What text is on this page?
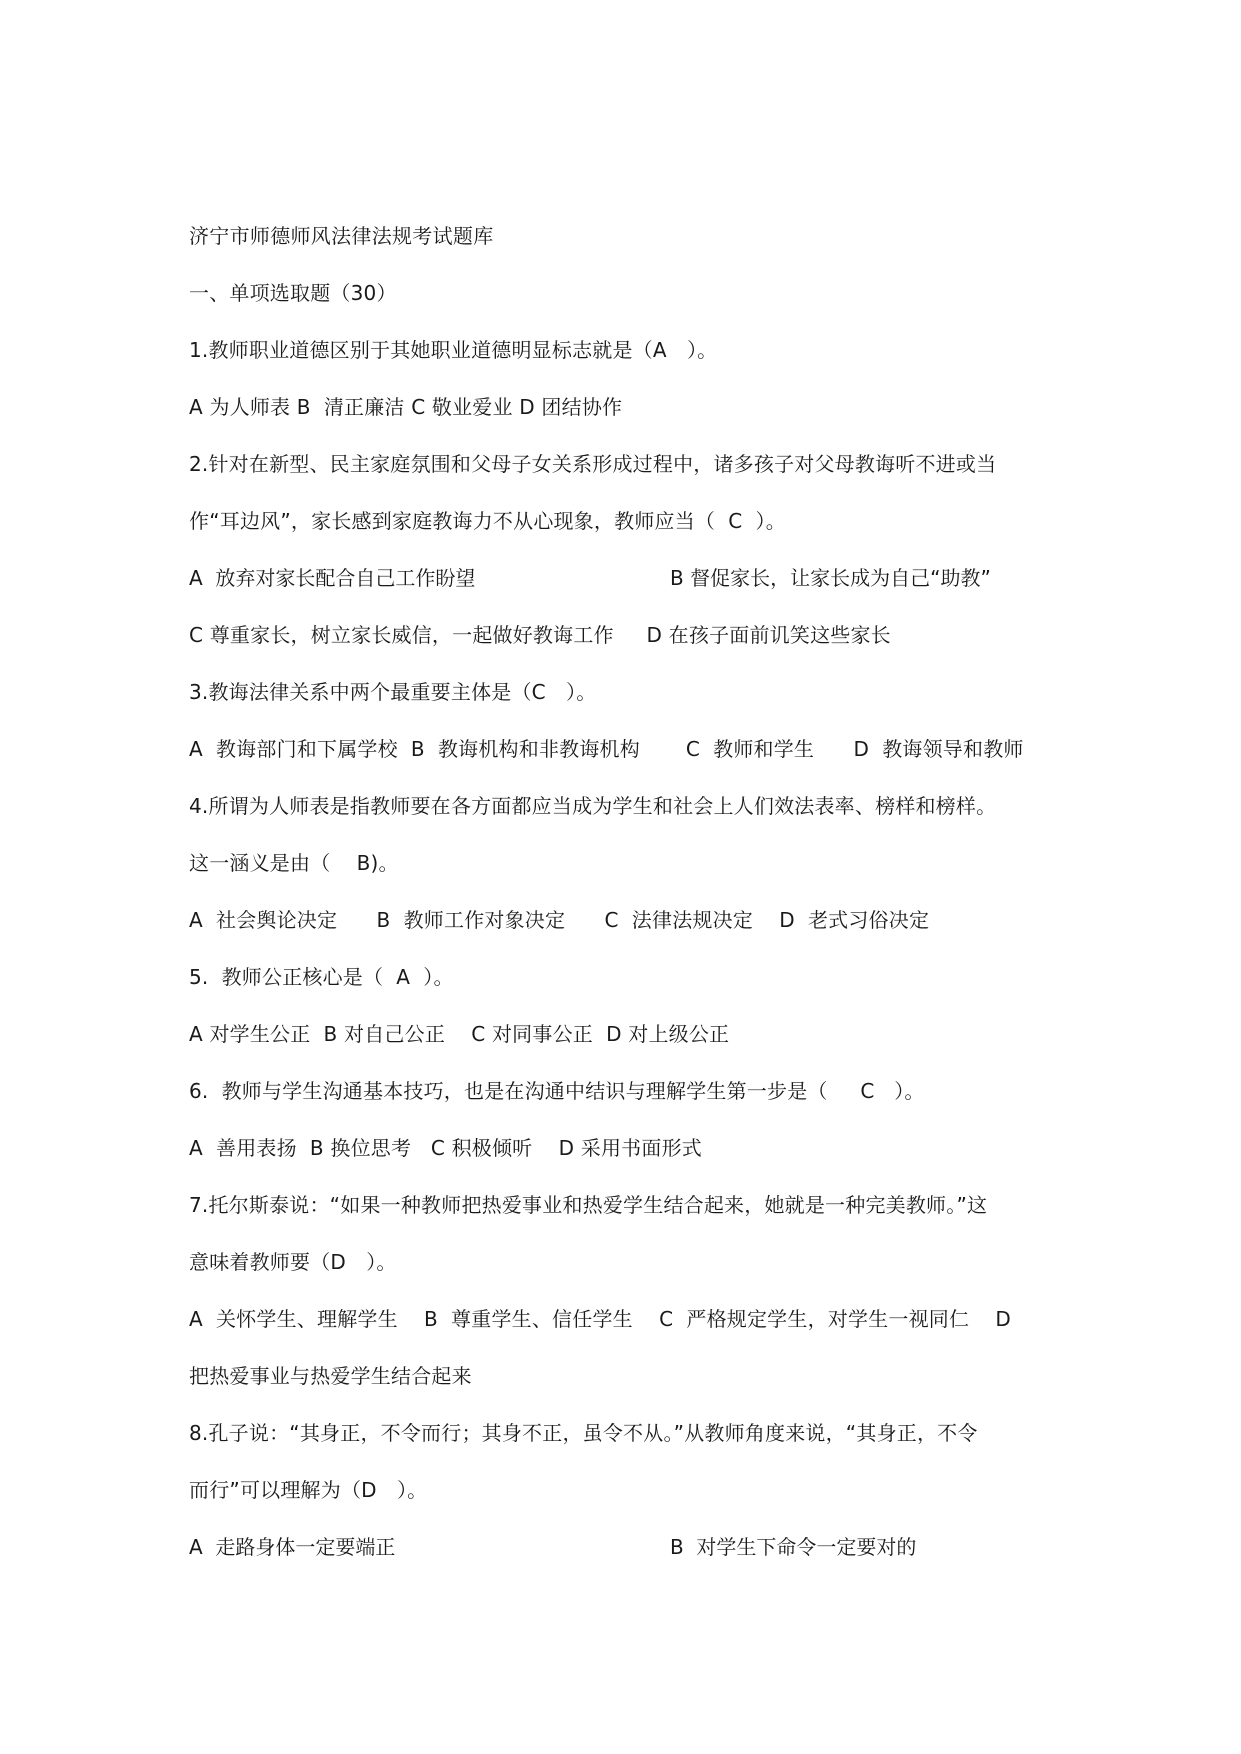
济宁市师德师风法律法规考试题库
一、单项选取题（30）
1.教师职业道德区别于其她职业道德明显标志就是（A　）。
A 为人师表 B  清正廉洁 C 敬业爱业 D 团结协作
2.针对在新型、民主家庭氛围和父母子女关系形成过程中，诸多孩子对父母教诲听不进或当
作“耳边风”，家长感到家庭教诲力不从心现象，教师应当（  C  ）。
A  放弃对家长配合自己工作盼望	B 督促家长，让家长成为自己“助教”
C 尊重家长，树立家长威信，一起做好教诲工作     D 在孩子面前讥笑这些家长
3.教诲法律关系中两个最重要主体是（C　）。
A  教诲部门和下属学校  B  教诲机构和非教诲机构       C  教师和学生      D  教诲领导和教师
4.所谓为人师表是指教师要在各方面都应当成为学生和社会上人们效法表率、榜样和榜样。
这一涵义是由（    B)。
A  社会舆论决定      B  教师工作对象决定      C  法律法规决定    D  老式习俗决定
5.  教师公正核心是（  A  ）。
A 对学生公正  B 对自己公正    C 对同事公正  D 对上级公正
6.  教师与学生沟通基本技巧，也是在沟通中结识与理解学生第一步是（     C   ）。
A  善用表扬  B 换位思考   C 积极倾听    D 采用书面形式
7.托尔斯泰说：“如果一种教师把热爱事业和热爱学生结合起来，她就是一种完美教师。”这
意味着教师要（D　）。
A  关怀学生、理解学生    B  尊重学生、信任学生    C  严格规定学生，对学生一视同仁    D
把热爱事业与热爱学生结合起来
8.孔子说：“其身正，不令而行；其身不正，虽令不从。”从教师角度来说，“其身正，不令
而行”可以理解为（D　）。
A  走路身体一定要端正	B  对学生下命令一定要对的
